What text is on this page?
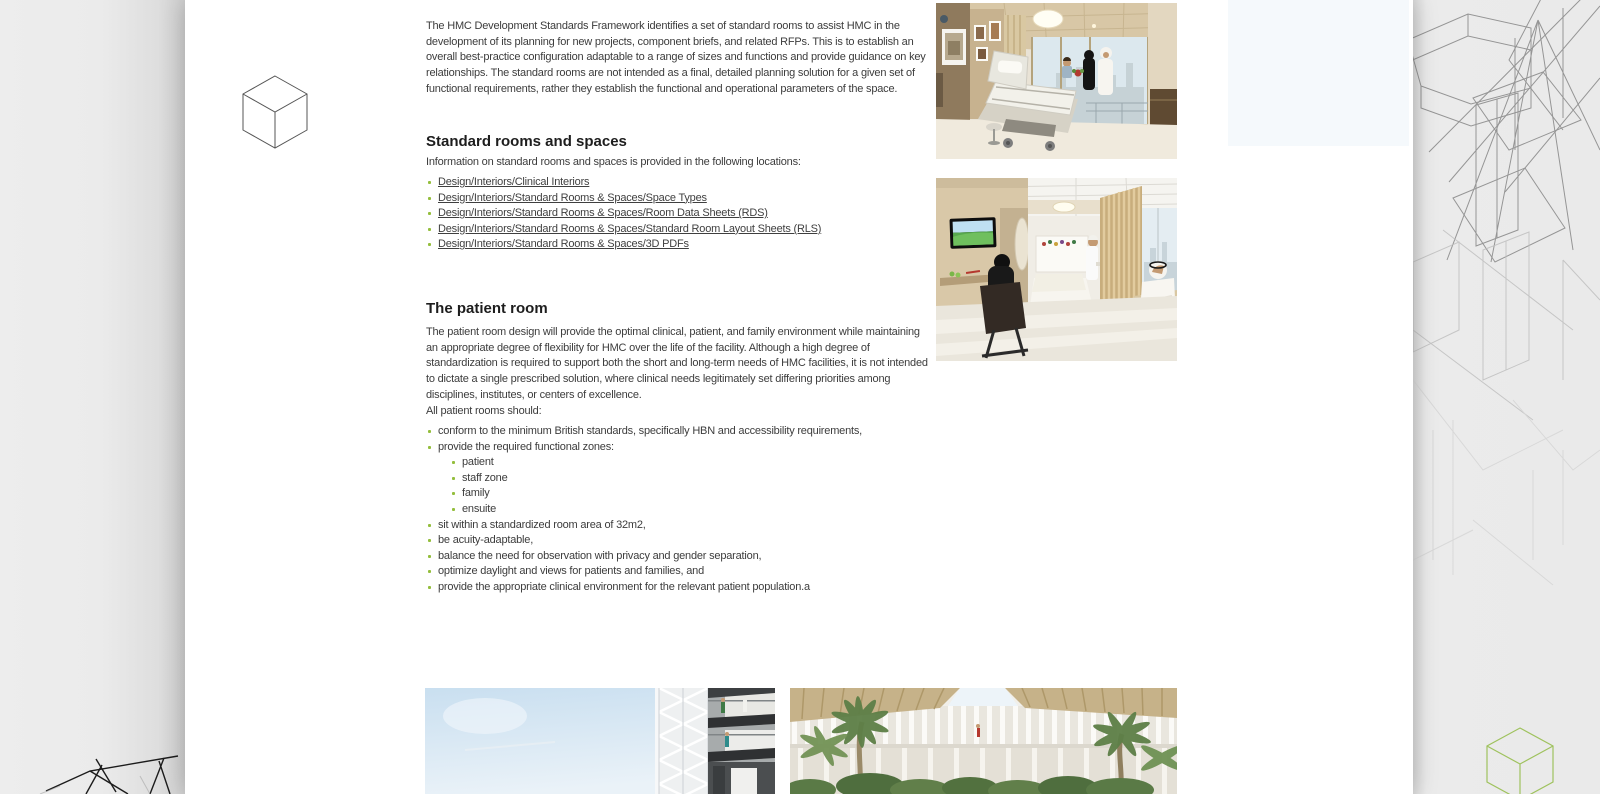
The HMC Development Standards Framework identifies a set of standard rooms to assist HMC in the development of its planning for new projects, component briefs, and related RFPs. This is to establish an overall best-practice configuration adaptable to a range of sizes and functions and provide guidance on key relationships. The standard rooms are not intended as a final, detailed planning solution for a given set of functional requirements, rather they establish the functional and operational parameters of the space.

Standard rooms and spaces

Information on standard rooms and spaces is provided in the following locations:

Design/Interiors/Clinical Interiors
Design/Interiors/Standard Rooms & Spaces/Space Types
Design/Interiors/Standard Rooms & Spaces/Room Data Sheets (RDS)
Design/Interiors/Standard Rooms & Spaces/Standard Room Layout Sheets (RLS)
Design/Interiors/Standard Rooms & Spaces/3D PDFs
The patient room

The patient room design will provide the optimal clinical, patient, and family environment while maintaining an appropriate degree of flexibility for HMC over the life of the facility. Although a high degree of standardization is required to support both the short and long-term needs of HMC facilities, it is not intended to dictate a single prescribed solution, where clinical needs legitimately set differing priorities among disciplines, institutes, or centers of excellence.

All patient rooms should:

conform to the minimum British standards, specifically HBN and accessibility requirements,
provide the required functional zones:
patient
staff zone
family
ensuite
sit within a standardized room area of 32m2,
be acuity-adaptable,
balance the need for observation with privacy and gender separation,
optimize daylight and views for patients and families, and
provide the appropriate clinical environment for the relevant patient population.a
